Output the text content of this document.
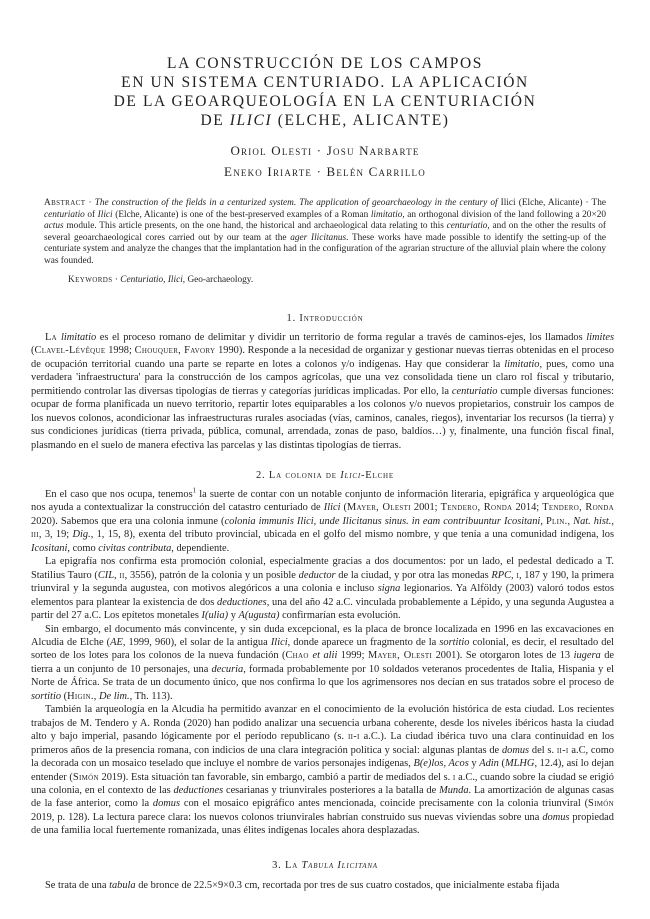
LA CONSTRUCCIÓN DE LOS CAMPOS
EN UN SISTEMA CENTURIADO. LA APLICACIÓN
DE LA GEOARQUEOLOGÍA EN LA CENTURIACIÓN
DE ILICI (ELCHE, ALICANTE)
Oriol Olesti · Josu Narbarte
Eneko Iriarte · Belén Carrillo
Abstract · The construction of the fields in a centurized system. The application of geoarchaeology in the century of Ilici (Elche, Alicante) · The centuriatio of Ilici (Elche, Alicante) is one of the best-preserved examples of a Roman limitatio, an orthogonal division of the land following a 20×20 actus module. This article presents, on the one hand, the historical and archaeological data relating to this centuriatio, and on the other the results of several geoarchaeological cores carried out by our team at the ager Ilicitanus. These works have made possible to identify the setting-up of the centuriate system and analyze the changes that the implantation had in the configuration of the agrarian structure of the alluvial plain where the colony was founded.
Keywords · Centuriatio, Ilici, Geo-archaeology.
1. Introducción

La limitatio es el proceso romano de delimitar y dividir un territorio de forma regular a través de caminos-ejes, los llamados limites (Clavel-Lévêque 1998; Chouquer, Favory 1990). Responde a la necesidad de organizar y gestionar nuevas tierras obtenidas en el proceso de ocupación territorial cuando una parte se reparte en lotes a colonos y/o indígenas. Hay que considerar la limitatio, pues, como una verdadera 'infraestructura' para la construcción de los campos agrícolas, que una vez consolidada tiene un claro rol fiscal y tributario, permitiendo controlar las diversas tipologías de tierras y categorías jurídicas implicadas. Por ello, la centuriatio cumple diversas funciones: ocupar de forma planificada un nuevo territorio, repartir lotes equiparables a los colonos y/o nuevos propietarios, construir los campos de los nuevos colonos, acondicionar las infraestructuras rurales asociadas (vías, caminos, canales, riegos), inventariar los recursos (la tierra) y sus condiciones jurídicas (tierra privada, pública, comunal, arrendada, zonas de paso, baldíos…) y, finalmente, una función fiscal final, plasmando en el suelo de manera efectiva las parcelas y las distintas tipologías de tierras.

2. La colonia de Ilici-Elche

En el caso que nos ocupa, tenemos$^1$ la suerte de contar con un notable conjunto de información literaria, epigráfica y arqueológica que nos ayuda a contextualizar la construcción del catastro centuriado de Ilici (Mayer, Olesti 2001; Tendero, Ronda 2014; Tendero, Ronda 2020). Sabemos que era una colonia inmune (colonia immunis Ilici, unde Ilicitanus sinus. in eam contribuuntur Icositani, Plin., Nat. hist., iii, 3, 19; Dig., 1, 15, 8), exenta del tributo provincial, ubicada en el golfo del mismo nombre, y que tenía a una comunidad indígena, los Icositani, como civitas contributa, dependiente.

La epigrafía nos confirma esta promoción colonial, especialmente gracias a dos documentos: por un lado, el pedestal dedicado a T. Statilius Tauro (CIL, ii, 3556), patrón de la colonia y un posible deductor de la ciudad, y por otra las monedas RPC, i, 187 y 190, la primera triunviral y la segunda augustea, con motivos alegóricos a una colonia e incluso signa legionarios. Ya Alföldy (2003) valoró todos estos elementos para plantear la existencia de dos deductiones, una del año 42 a.C. vinculada probablemente a Lépido, y una segunda Augustea a partir del 27 a.C. Los epítetos monetales I(ulia) y A(ugusta) confirmarían esta evolución.

Sin embargo, el documento más convincente, y sin duda excepcional, es la placa de bronce localizada en 1996 en las excavaciones en Alcudia de Elche (AE, 1999, 960), el solar de la antigua Ilici, donde aparece un fragmento de la sortitio colonial, es decir, el resultado del sorteo de los lotes para los colonos de la nueva fundación (Chao et alii 1999; Mayer, Olesti 2001). Se otorgaron lotes de 13 iugera de tierra a un conjunto de 10 personajes, una decuria, formada probablemente por 10 soldados veteranos procedentes de Italia, Hispania y el Norte de África. Se trata de un documento único, que nos confirma lo que los agrimensores nos decían en sus tratados sobre el proceso de sortitio (Higin., De lim., Th. 113).

También la arqueología en la Alcudia ha permitido avanzar en el conocimiento de la evolución histórica de esta ciudad. Los recientes trabajos de M. Tendero y A. Ronda (2020) han podido analizar una secuencia urbana coherente, desde los niveles ibéricos hasta la ciudad alto y bajo imperial, pasando lógicamente por el período republicano (s. ii-i a.C.). La ciudad ibérica tuvo una clara continuidad en los primeros años de la presencia romana, con indicios de una clara integración política y social: algunas plantas de domus del s. ii-i a.C, como la decorada con un mosaico teselado que incluye el nombre de varios personajes indígenas, B(e)los, Acos y Adin (MLHG, 12.4), así lo dejan entender (Simón 2019). Esta situación tan favorable, sin embargo, cambió a partir de mediados del s. i a.C., cuando sobre la ciudad se erigió una colonia, en el contexto de las deductiones cesarianas y triunvirales posteriores a la batalla de Munda. La amortización de algunas casas de la fase anterior, como la domus con el mosaico epigráfico antes mencionada, coincide precisamente con la colonia triunviral (Simón 2019, p. 128). La lectura parece clara: los nuevos colonos triunvirales habrían construido sus nuevas viviendas sobre una domus propiedad de una familia local fuertemente romanizada, unas élites indígenas locales ahora desplazadas.

3. La Tabula Ilicitana

Se trata de una tabula de bronce de 22.5×9×0.3 cm, recortada por tres de sus cuatro costados, que inicialmente estaba fijada
